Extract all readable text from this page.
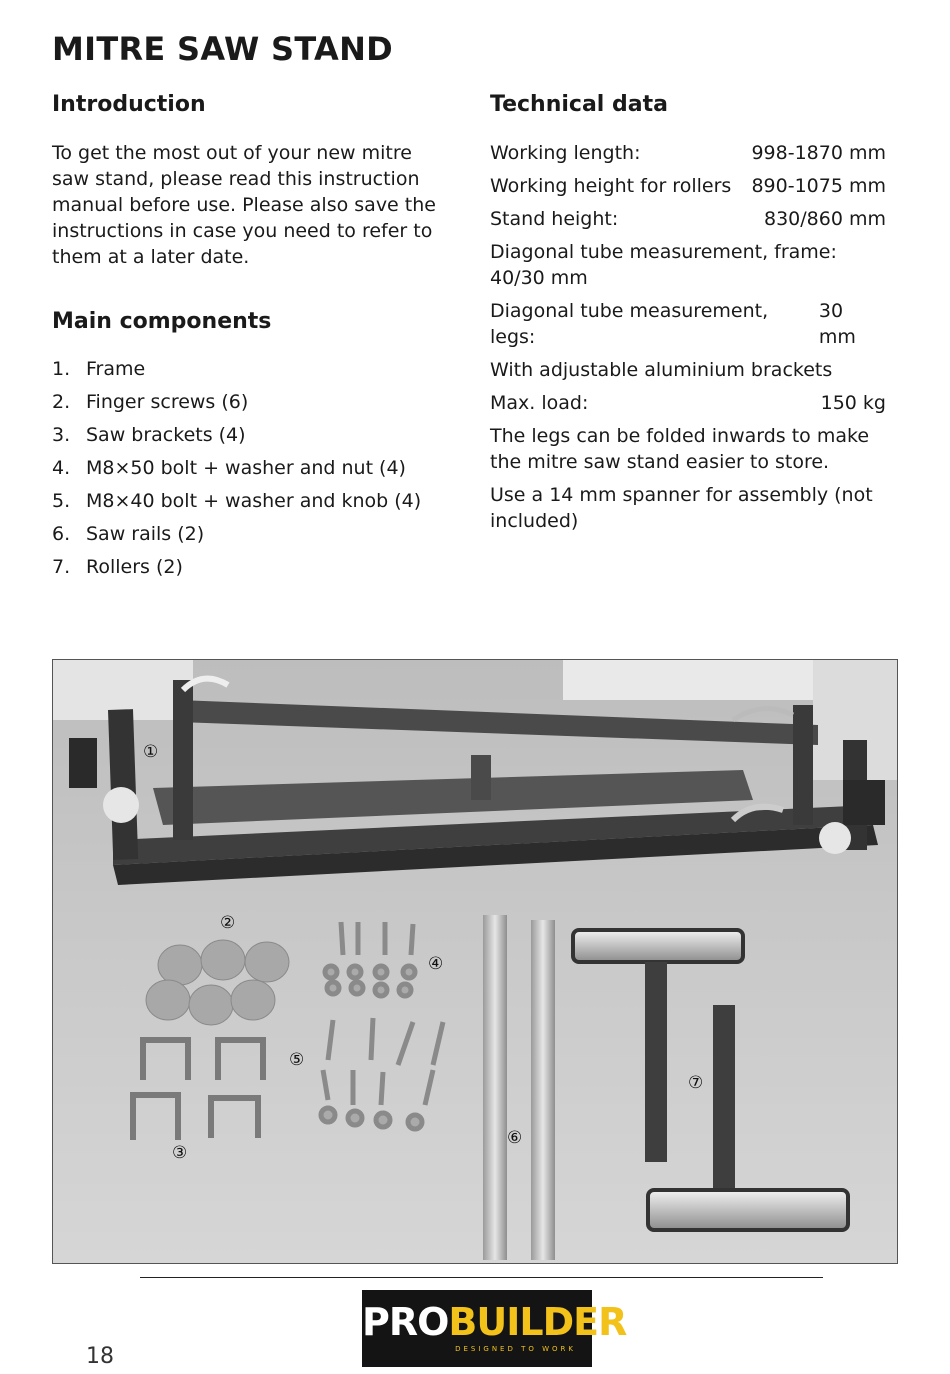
MITRE SAW STAND
Introduction
To get the most out of your new mitre saw stand, please read this instruction manual before use. Please also save the instructions in case you need to refer to them at a later date.
Main components
1. Frame
2. Finger screws (6)
3. Saw brackets (4)
4. M8×50 bolt + washer and nut (4)
5. M8×40 bolt + washer and knob (4)
6. Saw rails (2)
7. Rollers (2)
Technical data
Working length:	998-1870 mm
Working height for rollers 890-1075 mm
Stand height:	830/860 mm
Diagonal tube measurement, frame: 40/30 mm
Diagonal tube measurement, legs:
30 mm
With adjustable aluminium brackets
Max. load:	150 kg
The legs can be folded inwards to make the mitre saw stand easier to store.
Use a 14 mm spanner for assembly (not included)
①
②
③
④
⑤
⑥
⑦
PROBUILDER
DESIGNED TO WORK
18
